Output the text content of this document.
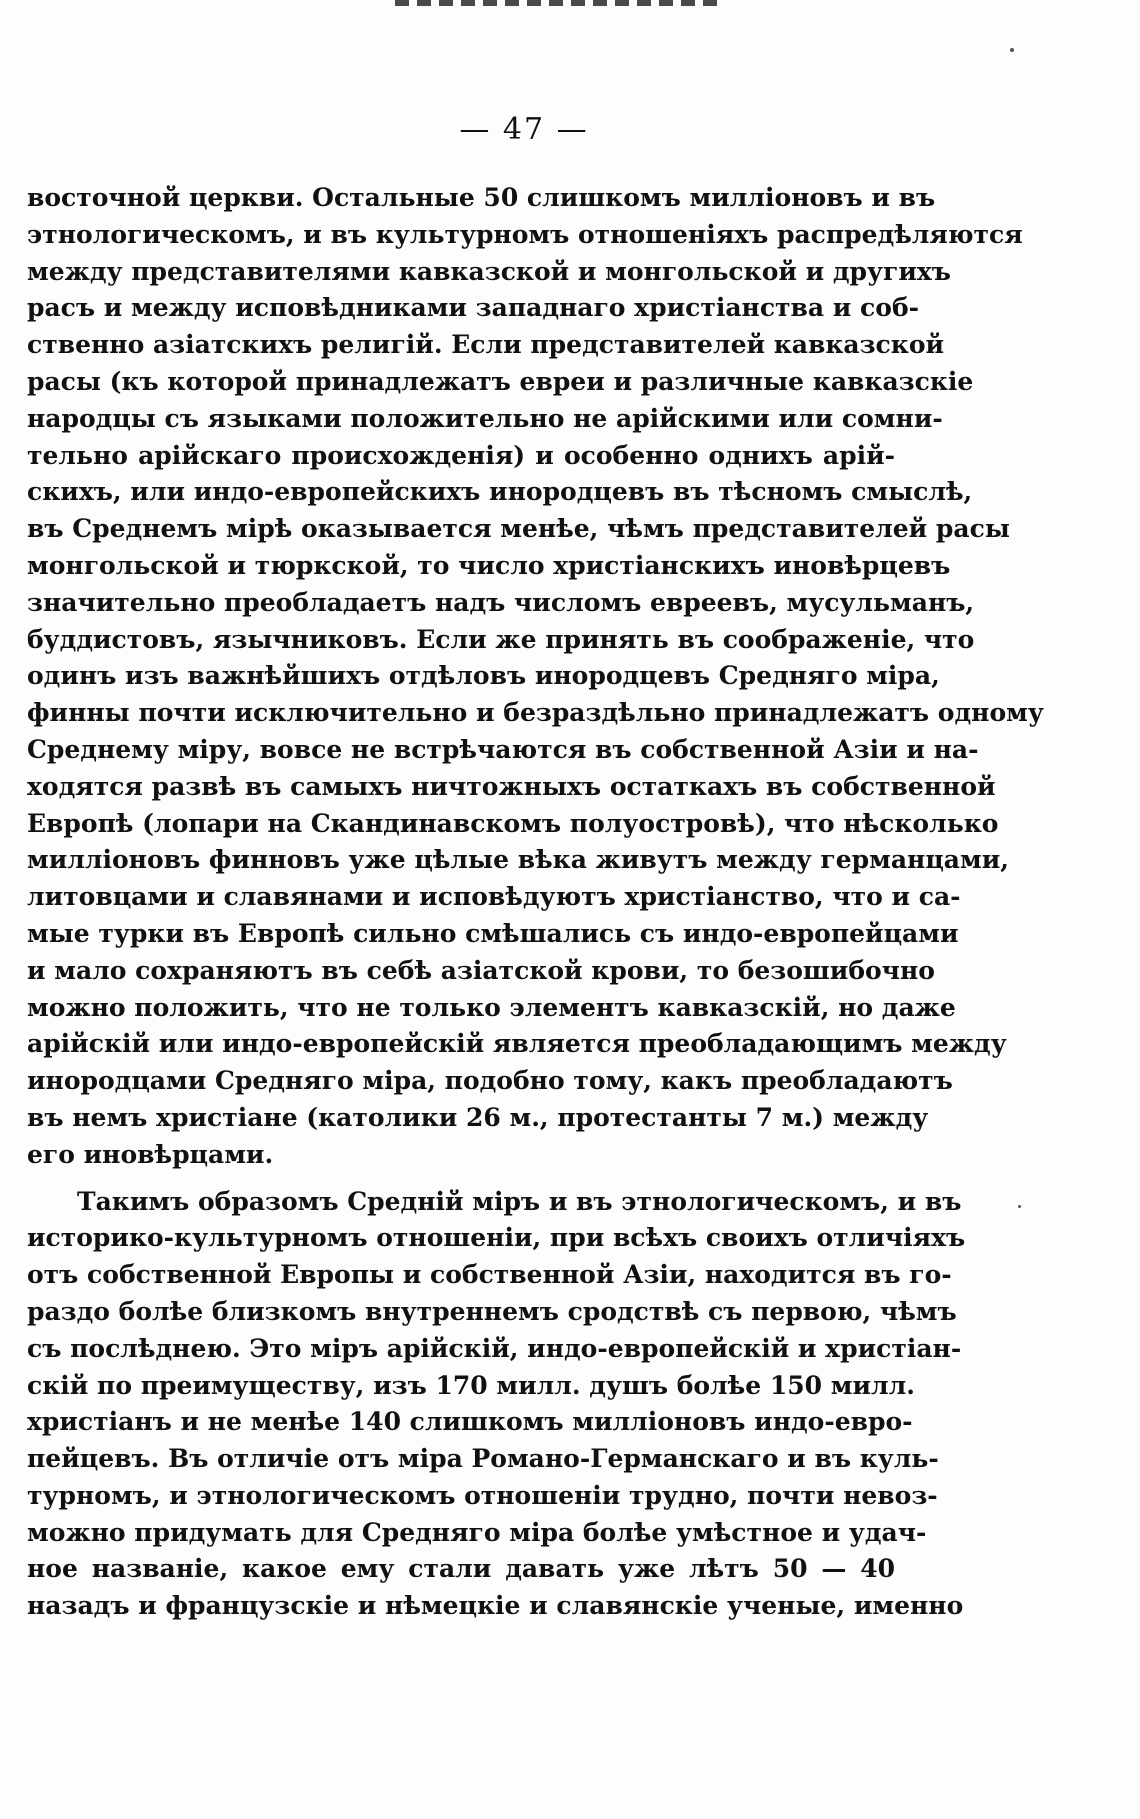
— 47 —
восточной церкви. Остальные 50 слишкомъ милліоновъ и въ
этнологическомъ, и въ культурномъ отношеніяхъ распредѣляются
между представителями кавказской и монгольской и другихъ
расъ и между исповѣдниками западнаго христіанства и соб-
ственно азіатскихъ религій. Если представителей кавказской
расы (къ которой принадлежатъ евреи и различные кавказскіе
народцы съ языками положительно не арійскими или сомни-
тельно арійскаго происхожденія) и особенно однихъ арій-
скихъ, или индо-европейскихъ инородцевъ въ тѣсномъ смыслѣ,
въ Среднемъ мірѣ оказывается менѣе, чѣмъ представителей расы
монгольской и тюркской, то число христіанскихъ иновѣрцевъ
значительно преобладаетъ надъ числомъ евреевъ, мусульманъ,
буддистовъ, язычниковъ. Если же принять въ соображеніе, что
одинъ изъ важнѣйшихъ отдѣловъ инородцевъ Средняго міра,
финны почти исключительно и безраздѣльно принадлежатъ одному
Среднему міру, вовсе не встрѣчаются въ собственной Азіи и на-
ходятся развѣ въ самыхъ ничтожныхъ остаткахъ въ собственной
Европѣ (лопари на Скандинавскомъ полуостровѣ), что нѣсколько
милліоновъ финновъ уже цѣлые вѣка живутъ между германцами,
литовцами и славянами и исповѣдуютъ христіанство, что и са-
мые турки въ Европѣ сильно смѣшались съ индо-европейцами
и мало сохраняютъ въ себѣ азіатской крови, то безошибочно
можно положить, что не только элементъ кавказскій, но даже
арійскій или индо-европейскій является преобладающимъ между
инородцами Средняго міра, подобно тому, какъ преобладаютъ
въ немъ христіане (католики 26 м., протестанты 7 м.) между
его иновѣрцами.
Такимъ образомъ Средній міръ и въ этнологическомъ, и въ
историко-культурномъ отношеніи, при всѣхъ своихъ отличіяхъ
отъ собственной Европы и собственной Азіи, находится въ го-
раздо болѣе близкомъ внутреннемъ сродствѣ съ первою, чѣмъ
съ послѣднею. Это міръ арійскій, индо-европейскій и христіан-
скій по преимуществу, изъ 170 милл. душъ болѣе 150 милл.
христіанъ и не менѣе 140 слишкомъ милліоновъ индо-евро-
пейцевъ. Въ отличіе отъ міра Романо-Германскаго и въ куль-
турномъ, и этнологическомъ отношеніи трудно, почти невоз-
можно придумать для Средняго міра болѣе умѣстное и удач-
ное названіе, какое ему стали давать уже лѣтъ 50 — 40
назадъ и французскіе и нѣмецкіе и славянскіе ученые, именно
